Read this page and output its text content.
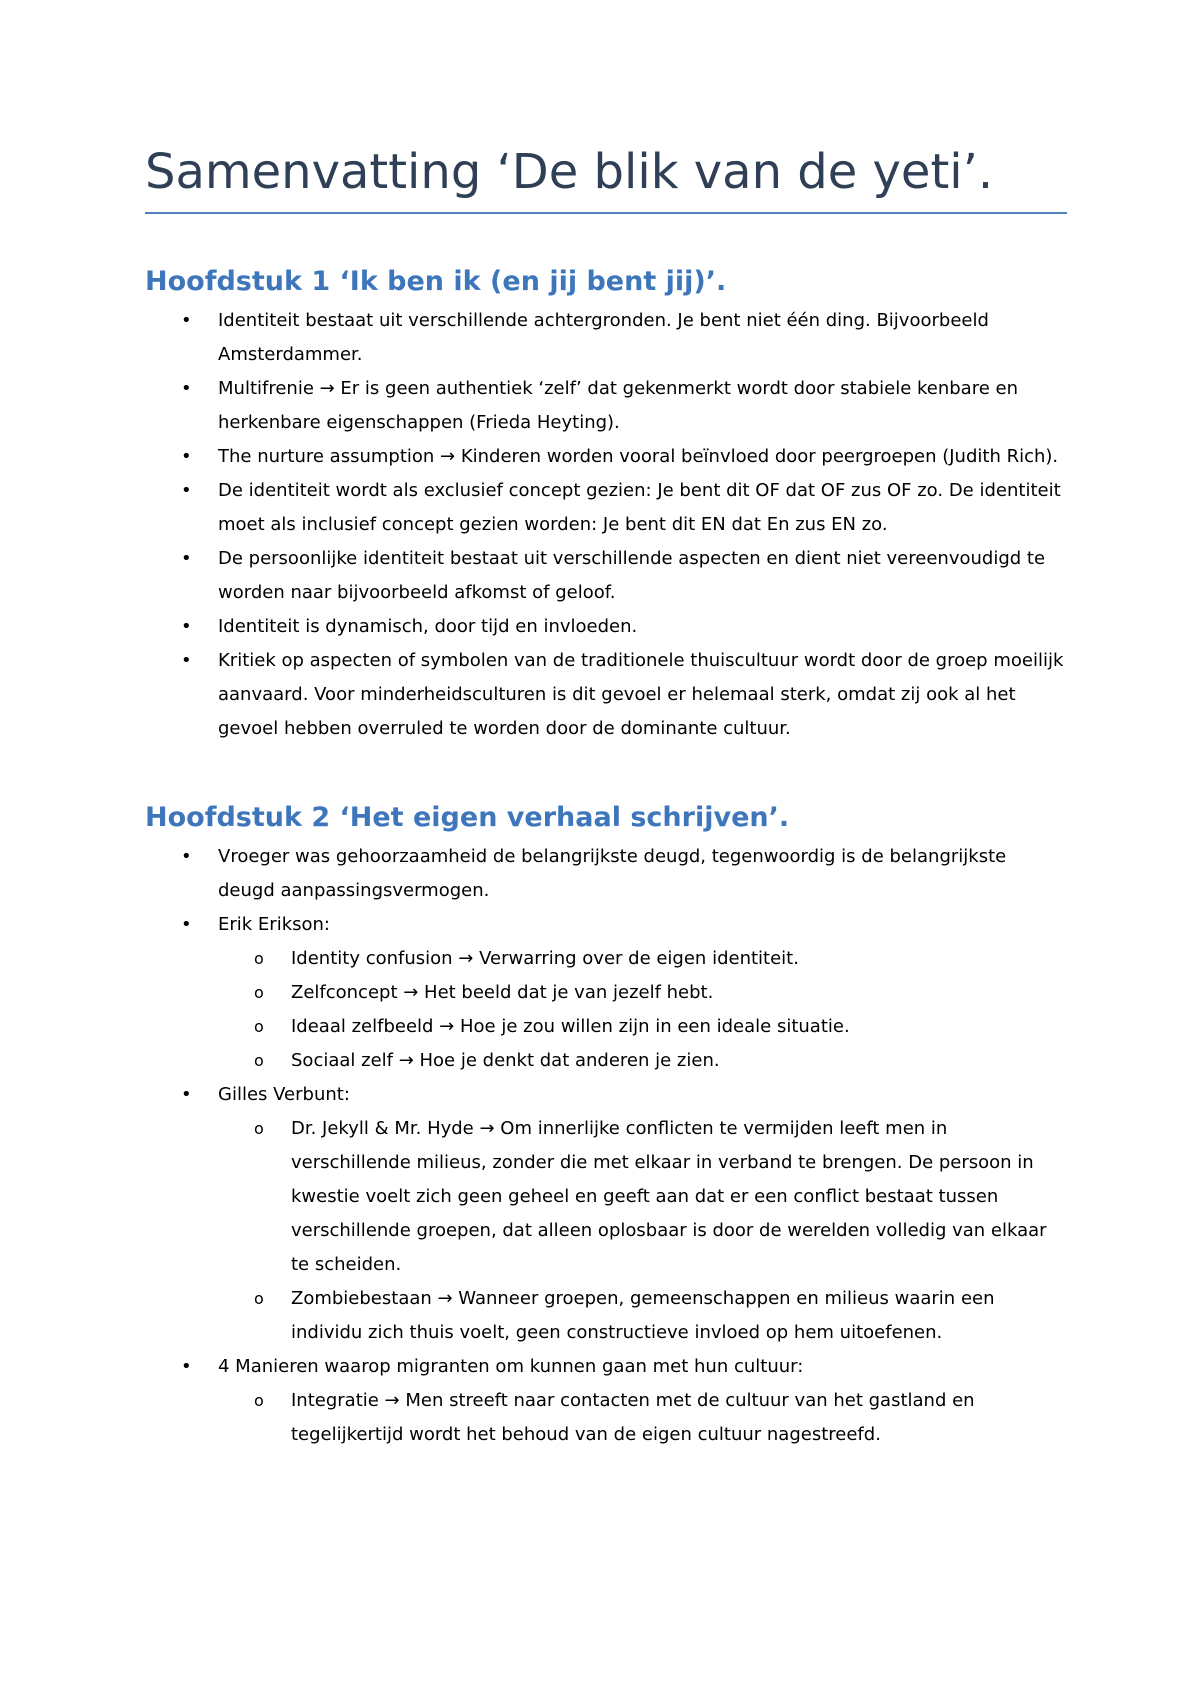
Samenvatting ‘De blik van de yeti’.
Hoofdstuk 1 ‘Ik ben ik (en jij bent jij)’.
• Identiteit bestaat uit verschillende achtergronden. Je bent niet één ding. Bijvoorbeeld Amsterdammer.
• Multifrenie → Er is geen authentiek ‘zelf’ dat gekenmerkt wordt door stabiele kenbare en herkenbare eigenschappen (Frieda Heyting).
• The nurture assumption → Kinderen worden vooral beïnvloed door peergroepen (Judith Rich).
• De identiteit wordt als exclusief concept gezien: Je bent dit OF dat OF zus OF zo. De identiteit moet als inclusief concept gezien worden: Je bent dit EN dat En zus EN zo.
• De persoonlijke identiteit bestaat uit verschillende aspecten en dient niet vereenvoudigd te worden naar bijvoorbeeld afkomst of geloof.
• Identiteit is dynamisch, door tijd en invloeden.
• Kritiek op aspecten of symbolen van de traditionele thuiscultuur wordt door de groep moeilijk aanvaard. Voor minderheidsculturen is dit gevoel er helemaal sterk, omdat zij ook al het gevoel hebben overruled te worden door de dominante cultuur.
Hoofdstuk 2 ‘Het eigen verhaal schrijven’.
• Vroeger was gehoorzaamheid de belangrijkste deugd, tegenwoordig is de belangrijkste deugd aanpassingsvermogen.
• Erik Erikson:
o Identity confusion → Verwarring over de eigen identiteit.
o Zelfconcept → Het beeld dat je van jezelf hebt.
o Ideaal zelfbeeld → Hoe je zou willen zijn in een ideale situatie.
o Sociaal zelf → Hoe je denkt dat anderen je zien.
• Gilles Verbunt:
o Dr. Jekyll & Mr. Hyde → Om innerlijke conflicten te vermijden leeft men in verschillende milieus, zonder die met elkaar in verband te brengen. De persoon in kwestie voelt zich geen geheel en geeft aan dat er een conflict bestaat tussen verschillende groepen, dat alleen oplosbaar is door de werelden volledig van elkaar te scheiden.
o Zombiebestaan → Wanneer groepen, gemeenschappen en milieus waarin een individu zich thuis voelt, geen constructieve invloed op hem uitoefenen.
• 4 Manieren waarop migranten om kunnen gaan met hun cultuur:
o Integratie → Men streeft naar contacten met de cultuur van het gastland en tegelijkertijd wordt het behoud van de eigen cultuur nagestreefd.
